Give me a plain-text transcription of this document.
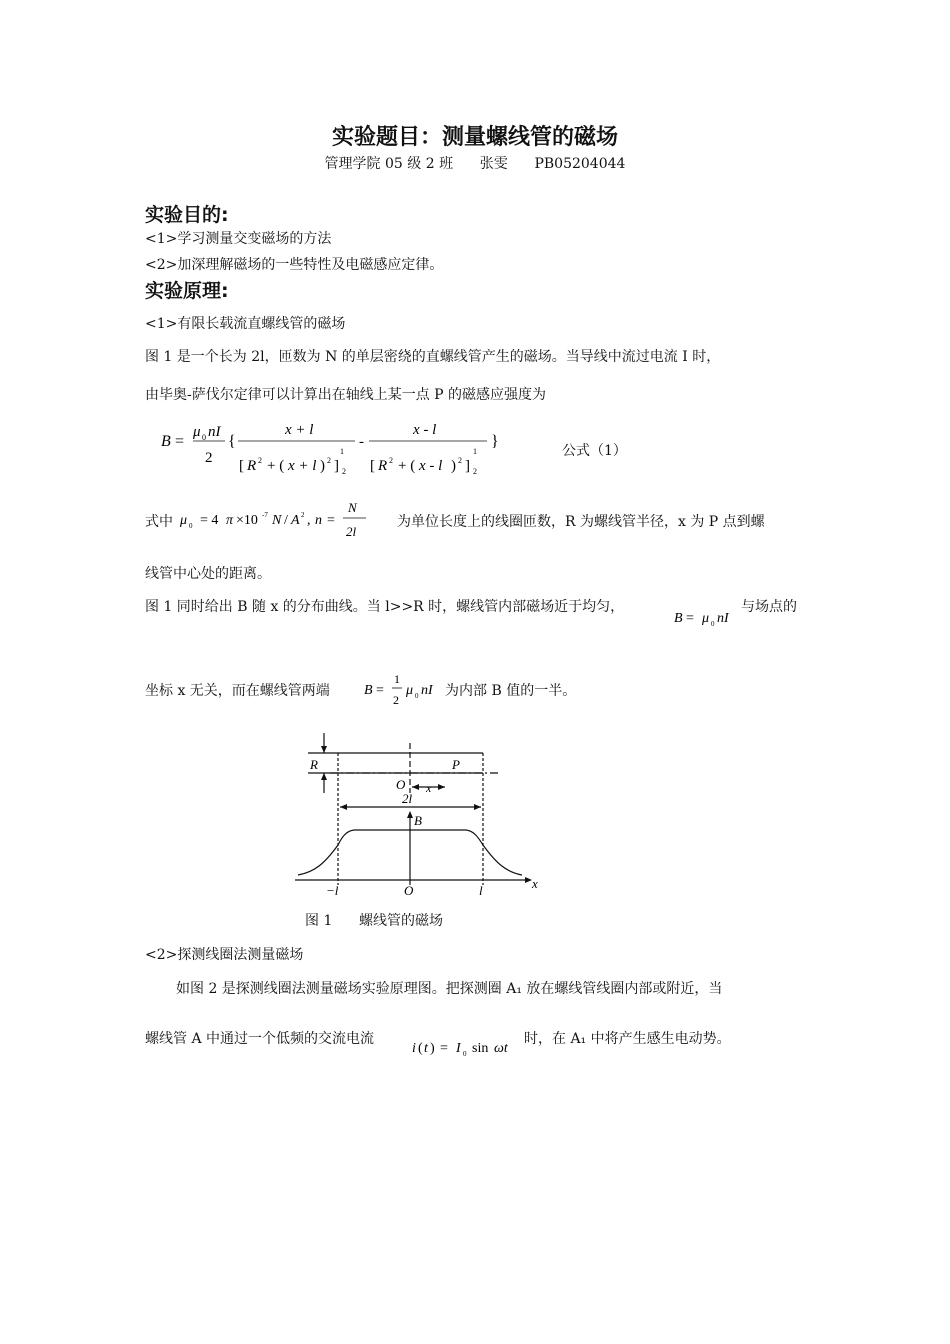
实验题目：测量螺线管的磁场
管理学院 05 级 2 班      张雯      PB05204044
实验目的:
<1>学习测量交变磁场的方法
<2>加深理解磁场的一些特性及电磁感应定律。
实验原理:
<1>有限长载流直螺线管的磁场
图 1 是一个长为 2l，匝数为 N 的单层密绕的直螺线管产生的磁场。当导线中流过电流 I 时，
由毕奥-萨伐尔定律可以计算出在轴线上某一点 P 的磁感应强度为
B =
μ 0 nI
2
{
x + l
1
[ R 2 + ( x + l ) 2 ] 2
-
x - l
1
[ R 2 + ( x - l ) 2 ] 2
}
公式（1）
式中 μ 0 = 4 π ×10 -7 N / A 2 , n =
N
2l
为单位长度上的线圈匝数，R 为螺线管半径，x 为 P 点到螺
线管中心处的距离。
图 1 同时给出 B 随 x 的分布曲线。当 l>>R 时，螺线管内部磁场近于均匀，
B = μ 0 nI
与场点的
坐标 x 无关，而在螺线管两端 B =
1
2
μ 0 nI 为内部 B 值的一半。
R
O x
P
2l
B
−l	O	l	x
图 1      螺线管的磁场
<2>探测线圈法测量磁场
如图 2 是探测线圈法测量磁场实验原理图。把探测圈 A₁ 放在螺线管线圈内部或附近，当
螺线管 A 中通过一个低频的交流电流
i ( t ) = I 0 sin ωt
时，在 A₁ 中将产生感生电动势。
